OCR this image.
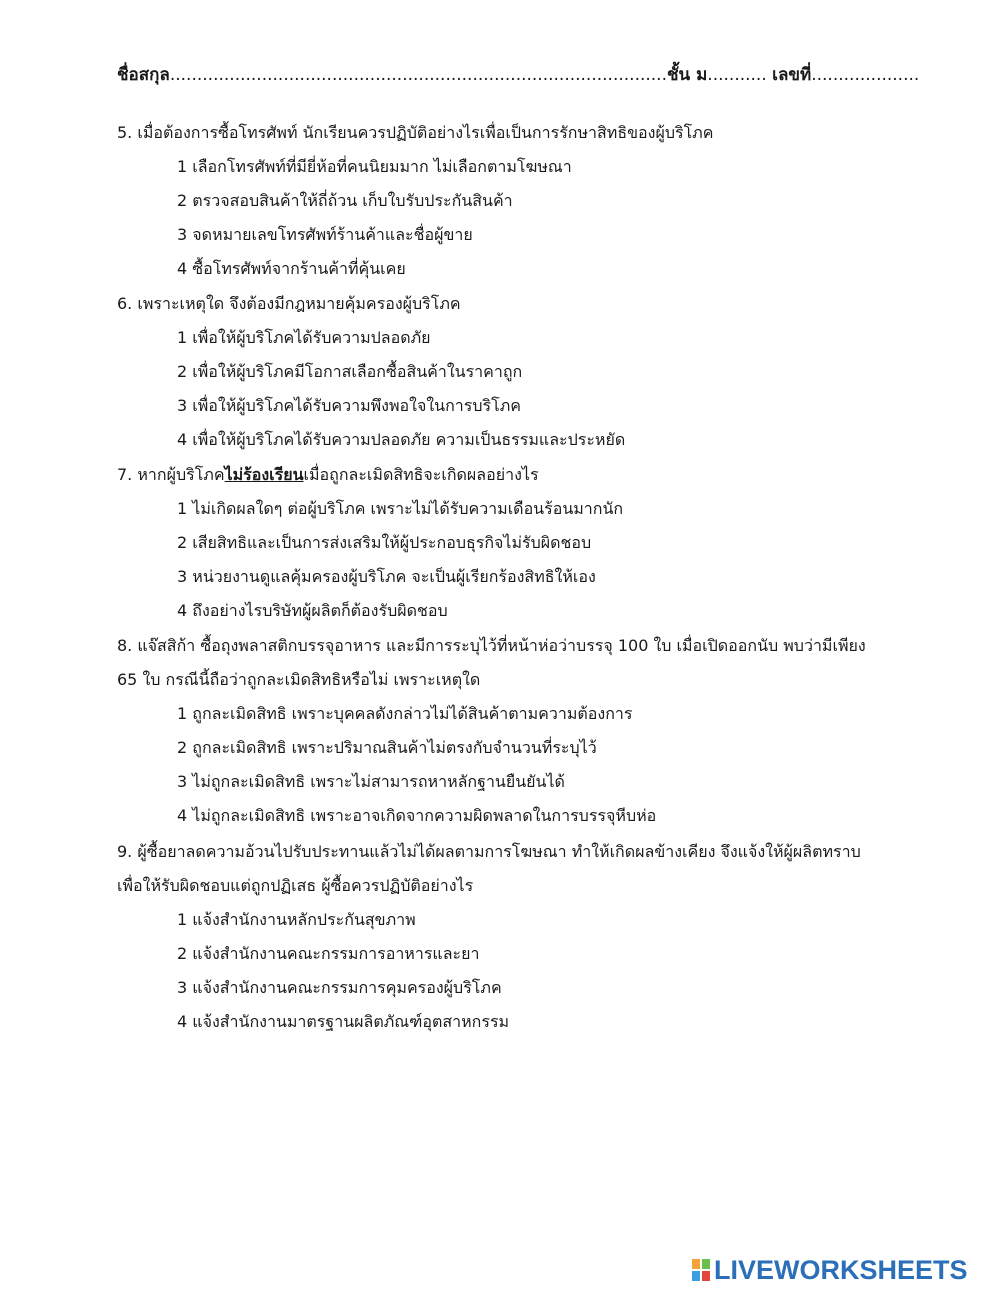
ชื่อสกุล............................................................................................ชั้น ม........... เลขที่....................
5. เมื่อต้องการซื้อโทรศัพท์ นักเรียนควรปฏิบัติอย่างไรเพื่อเป็นการรักษาสิทธิของผู้บริโภค
1 เลือกโทรศัพท์ที่มียี่ห้อที่คนนิยมมาก ไม่เลือกตามโฆษณา
2 ตรวจสอบสินค้าให้ถี่ถ้วน เก็บใบรับประกันสินค้า
3 จดหมายเลขโทรศัพท์ร้านค้าและชื่อผู้ขาย
4 ซื้อโทรศัพท์จากร้านค้าที่คุ้นเคย
6. เพราะเหตุใด จึงต้องมีกฎหมายคุ้มครองผู้บริโภค
1 เพื่อให้ผู้บริโภคได้รับความปลอดภัย
2 เพื่อให้ผู้บริโภคมีโอกาสเลือกซื้อสินค้าในราคาถูก
3 เพื่อให้ผู้บริโภคได้รับความพึงพอใจในการบริโภค
4 เพื่อให้ผู้บริโภคได้รับความปลอดภัย ความเป็นธรรมและประหยัด
7. หากผู้บริโภคไม่ร้องเรียนเมื่อถูกละเมิดสิทธิจะเกิดผลอย่างไร
1 ไม่เกิดผลใดๆ ต่อผู้บริโภค เพราะไม่ได้รับความเดือนร้อนมากนัก
2 เสียสิทธิและเป็นการส่งเสริมให้ผู้ประกอบธุรกิจไม่รับผิดชอบ
3 หน่วยงานดูแลคุ้มครองผู้บริโภค จะเป็นผู้เรียกร้องสิทธิให้เอง
4 ถึงอย่างไรบริษัทผู้ผลิตก็ต้องรับผิดชอบ
8. แจ๊สสิก้า ซื้อถุงพลาสติกบรรจุอาหาร และมีการระบุไว้ที่หน้าห่อว่าบรรจุ 100 ใบ เมื่อเปิดออกนับ พบว่ามีเพียง
65 ใบ กรณีนี้ถือว่าถูกละเมิดสิทธิหรือไม่ เพราะเหตุใด
1 ถูกละเมิดสิทธิ เพราะบุคคลดังกล่าวไม่ได้สินค้าตามความต้องการ
2 ถูกละเมิดสิทธิ เพราะปริมาณสินค้าไม่ตรงกับจำนวนที่ระบุไว้
3 ไม่ถูกละเมิดสิทธิ เพราะไม่สามารถหาหลักฐานยืนยันได้
4 ไม่ถูกละเมิดสิทธิ เพราะอาจเกิดจากความผิดพลาดในการบรรจุหีบห่อ
9. ผู้ซื้อยาลดความอ้วนไปรับประทานแล้วไม่ได้ผลตามการโฆษณา ทำให้เกิดผลข้างเคียง จึงแจ้งให้ผู้ผลิตทราบ
เพื่อให้รับผิดชอบแต่ถูกปฏิเสธ ผู้ซื้อควรปฏิบัติอย่างไร
1 แจ้งสำนักงานหลักประกันสุขภาพ
2 แจ้งสำนักงานคณะกรรมการอาหารและยา
3 แจ้งสำนักงานคณะกรรมการคุมครองผู้บริโภค
4 แจ้งสำนักงานมาตรฐานผลิตภัณฑ์อุตสาหกรรม
LIVEWORKSHEETS
